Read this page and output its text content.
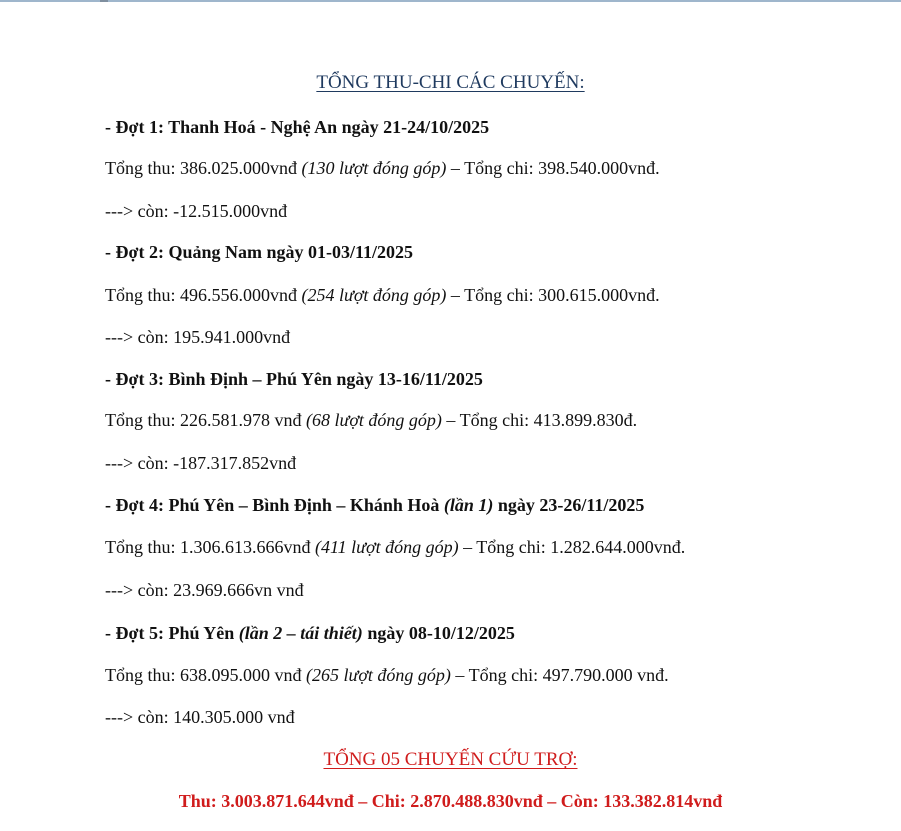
TỔNG THU-CHI CÁC CHUYẾN:
- Đợt 1: Thanh Hoá - Nghệ An ngày 21-24/10/2025
Tổng thu: 386.025.000vnđ (130 lượt đóng góp) – Tổng chi: 398.540.000vnđ.
---> còn: -12.515.000vnđ
- Đợt 2: Quảng Nam ngày 01-03/11/2025
Tổng thu: 496.556.000vnđ (254 lượt đóng góp) – Tổng chi: 300.615.000vnđ.
---> còn: 195.941.000vnđ
- Đợt 3: Bình Định – Phú Yên ngày 13-16/11/2025
Tổng thu: 226.581.978 vnđ (68 lượt đóng góp) – Tổng chi: 413.899.830đ.
---> còn: -187.317.852vnđ
- Đợt 4: Phú Yên – Bình Định – Khánh Hoà (lần 1) ngày 23-26/11/2025
Tổng thu: 1.306.613.666vnđ (411 lượt đóng góp) – Tổng chi: 1.282.644.000vnđ.
---> còn: 23.969.666vn vnđ
- Đợt 5: Phú Yên (lần 2 – tái thiết) ngày 08-10/12/2025
Tổng thu: 638.095.000 vnđ (265 lượt đóng góp) – Tổng chi: 497.790.000 vnđ.
---> còn: 140.305.000 vnđ
TỔNG 05 CHUYẾN CỨU TRỢ:
Thu: 3.003.871.644vnđ – Chi: 2.870.488.830vnđ – Còn: 133.382.814vnđ
